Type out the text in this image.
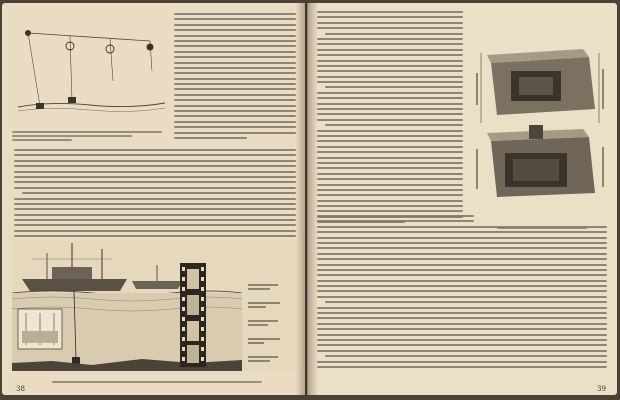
38	39
